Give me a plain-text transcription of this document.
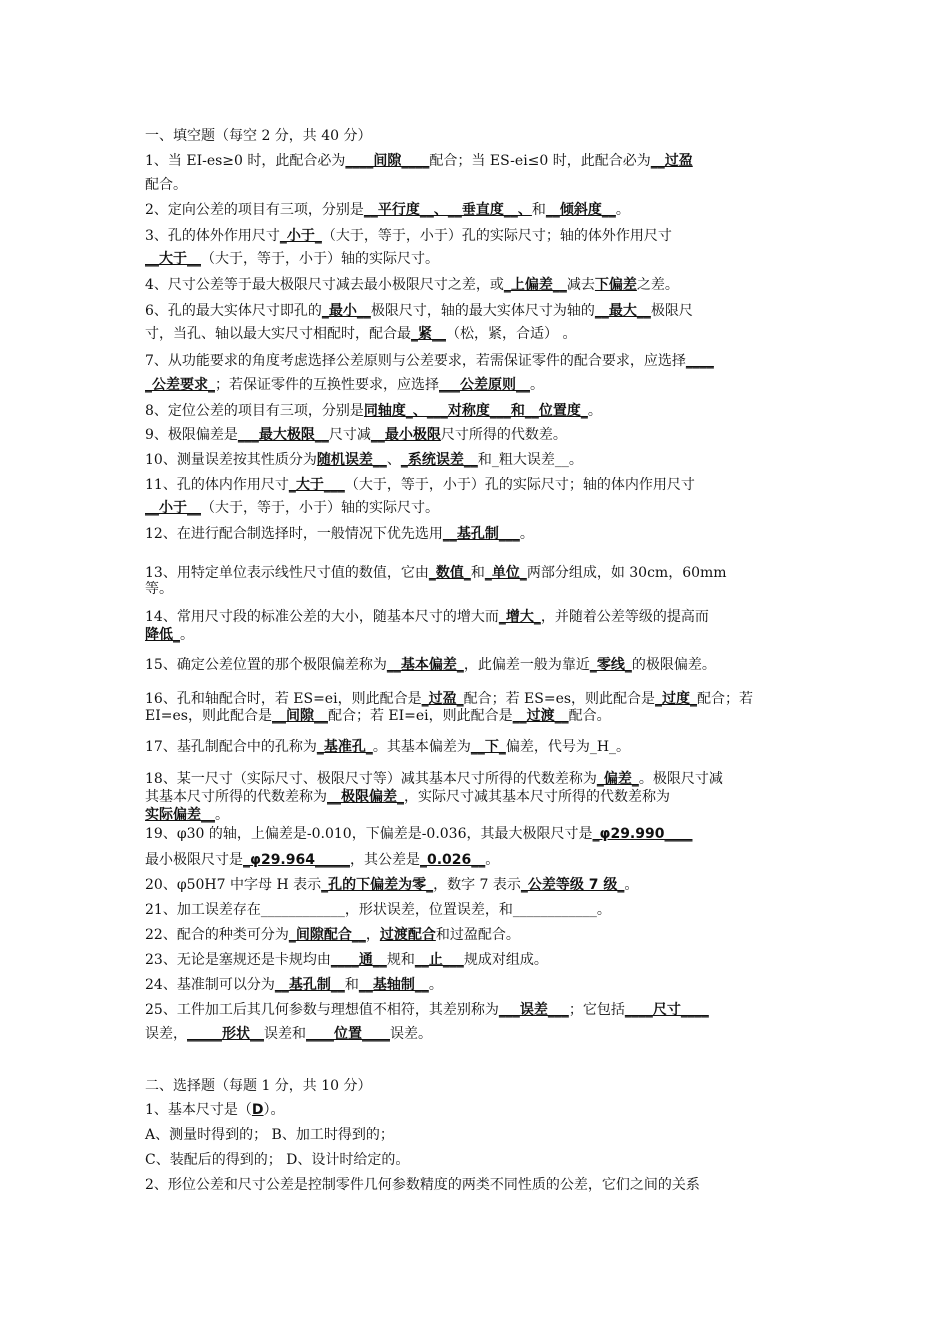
一、填空题（每空 2 分，共 40 分）
1、当 EI-es≥0 时，此配合必为____间隙____配合；当 ES-ei≤0 时，此配合必为__过盈
配合。
2、定向公差的项目有三项，分别是__平行度__、__垂直度__、和__倾斜度__。
3、孔的体外作用尺寸_小于_（大于，等于，小于）孔的实际尺寸；轴的体外作用尺寸
__大于__（大于，等于，小于）轴的实际尺寸。
4、尺寸公差等于最大极限尺寸减去最小极限尺寸之差，或_上偏差__减去下偏差之差。
6、孔的最大实体尺寸即孔的_最小__极限尺寸，轴的最大实体尺寸为轴的__最大__极限尺
寸，当孔、轴以最大实尺寸相配时，配合最_紧__（松，紧，合适） 。
7、从功能要求的角度考虑选择公差原则与公差要求，若需保证零件的配合要求，应选择____
_公差要求_；若保证零件的互换性要求，应选择___公差原则__。
8、定位公差的项目有三项，分别是同轴度_、___对称度___和__位置度_。
9、极限偏差是___最大极限__尺寸减__最小极限尺寸所得的代数差。
10、测量误差按其性质分为随机误差__、_系统误差__和_粗大误差__。
11、孔的体内作用尺寸_大于___（大于，等于，小于）孔的实际尺寸；轴的体内作用尺寸
__小于__（大于，等于，小于）轴的实际尺寸。
12、在进行配合制选择时，一般情况下优先选用__基孔制___。
13、用特定单位表示线性尺寸值的数值，它由_数值_和_单位_两部分组成，如 30cm，60mm
等。
14、常用尺寸段的标准公差的大小，随基本尺寸的增大而_增大_，并随着公差等级的提高而
降低_。
15、确定公差位置的那个极限偏差称为__基本偏差_，此偏差一般为靠近_零线_的极限偏差。
16、孔和轴配合时，若 ES=ei，则此配合是_过盈_配合；若 ES=es，则此配合是_过度_配合；若
EI=es，则此配合是__间隙__配合；若 EI=ei，则此配合是__过渡__配合。
17、基孔制配合中的孔称为_基准孔_。其基本偏差为__下_偏差，代号为_H_。
18、某一尺寸（实际尺寸、极限尺寸等）减其基本尺寸所得的代数差称为_偏差_。极限尺寸减
其基本尺寸所得的代数差称为__极限偏差_，实际尺寸减其基本尺寸所得的代数差称为
实际偏差__。
19、φ30 的轴，上偏差是-0.010，下偏差是-0.036，其最大极限尺寸是_φ29.990____
最小极限尺寸是_φ29.964_____，其公差是_0.026__。
20、φ50H7 中字母 H 表示_孔的下偏差为零_，数字 7 表示_公差等级 7 级_。
21、加工误差存在____________，形状误差，位置误差，和____________。
22、配合的种类可分为_间隙配合__，过渡配合和过盈配合。
23、无论是塞规还是卡规均由____通__规和__止___规成对组成。
24、基准制可以分为__基孔制__和__基轴制__。
25、工件加工后其几何参数与理想值不相符，其差别称为___误差___；它包括____尺寸____
误差，_____形状__误差和____位置____误差。
二、选择题（每题 1 分，共 10 分）
1、基本尺寸是（D）。
A、测量时得到的； B、加工时得到的；
C、装配后的得到的； D、设计时给定的。
2、形位公差和尺寸公差是控制零件几何参数精度的两类不同性质的公差，它们之间的关系
